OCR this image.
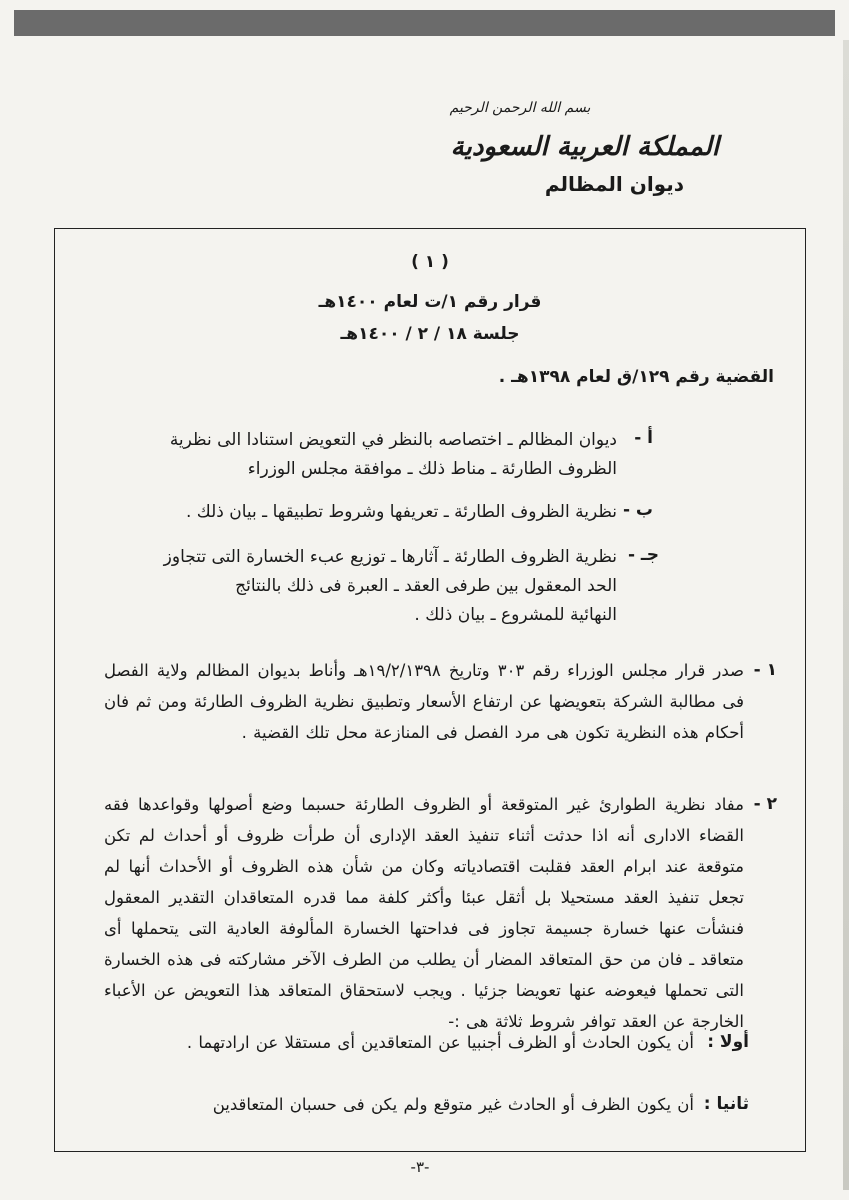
بسم الله الرحمن الرحيم
المملكة العربية السعودية
ديوان المظالم
( ١ )
قرار رقم ١/ت لعام ١٤٠٠هـ
جلسة ١٨ / ٢ / ١٤٠٠هـ
القضية رقم ١٢٩/ق لعام ١٣٩٨هـ .
أ -
ديوان المظالم ـ اختصاصه بالنظر في التعويض استنادا الى نظرية
الظروف الطارئة ـ مناط ذلك ـ موافقة مجلس الوزراء
ب -
نظرية الظروف الطارئة ـ تعريفها وشروط تطبيقها ـ بيان ذلك .
جـ -
نظرية الظروف الطارئة ـ آثارها ـ توزيع عبء الخسارة التى تتجاوز
الحد المعقول بين طرفى العقد ـ العبرة فى ذلك بالنتائج
النهائية للمشروع ـ بيان ذلك .
١ -
صدر قرار مجلس الوزراء رقم ٣٠٣ وتاريخ ١٩/٢/١٣٩٨هـ وأناط بديوان المظالم ولاية الفصل فى مطالبة الشركة بتعويضها عن ارتفاع الأسعار وتطبيق نظرية الظروف الطارئة ومن ثم فان أحكام هذه النظرية تكون هى مرد الفصل فى المنازعة محل تلك القضية .
٢ -
مفاد نظرية الطوارئ غير المتوقعة أو الظروف الطارئة حسبما وضع أصولها وقواعدها فقه القضاء الادارى أنه اذا حدثت أثناء تنفيذ العقد الإدارى أن طرأت ظروف أو أحداث لم تكن متوقعة عند ابرام العقد فقلبت اقتصادياته وكان من شأن هذه الظروف أو الأحداث أنها لم تجعل تنفيذ العقد مستحيلا بل أثقل عبئا وأكثر كلفة مما قدره المتعاقدان التقدير المعقول فنشأت عنها خسارة جسيمة تجاوز فى فداحتها الخسارة المألوفة العادية التى يتحملها أى متعاقد ـ فان من حق المتعاقد المضار أن يطلب من الطرف الآخر مشاركته فى هذه الخسارة التى تحملها فيعوضه عنها تعويضا جزئيا . ويجب لاستحقاق المتعاقد هذا التعويض عن الأعباء الخارجة عن العقد توافر شروط ثلاثة هى :-
أولا :
أن يكون الحادث أو الظرف أجنبيا عن المتعاقدين أى مستقلا عن ارادتهما .
ثانيا :
أن يكون الظرف أو الحادث غير متوقع ولم يكن فى حسبان المتعاقدين
-٣-
